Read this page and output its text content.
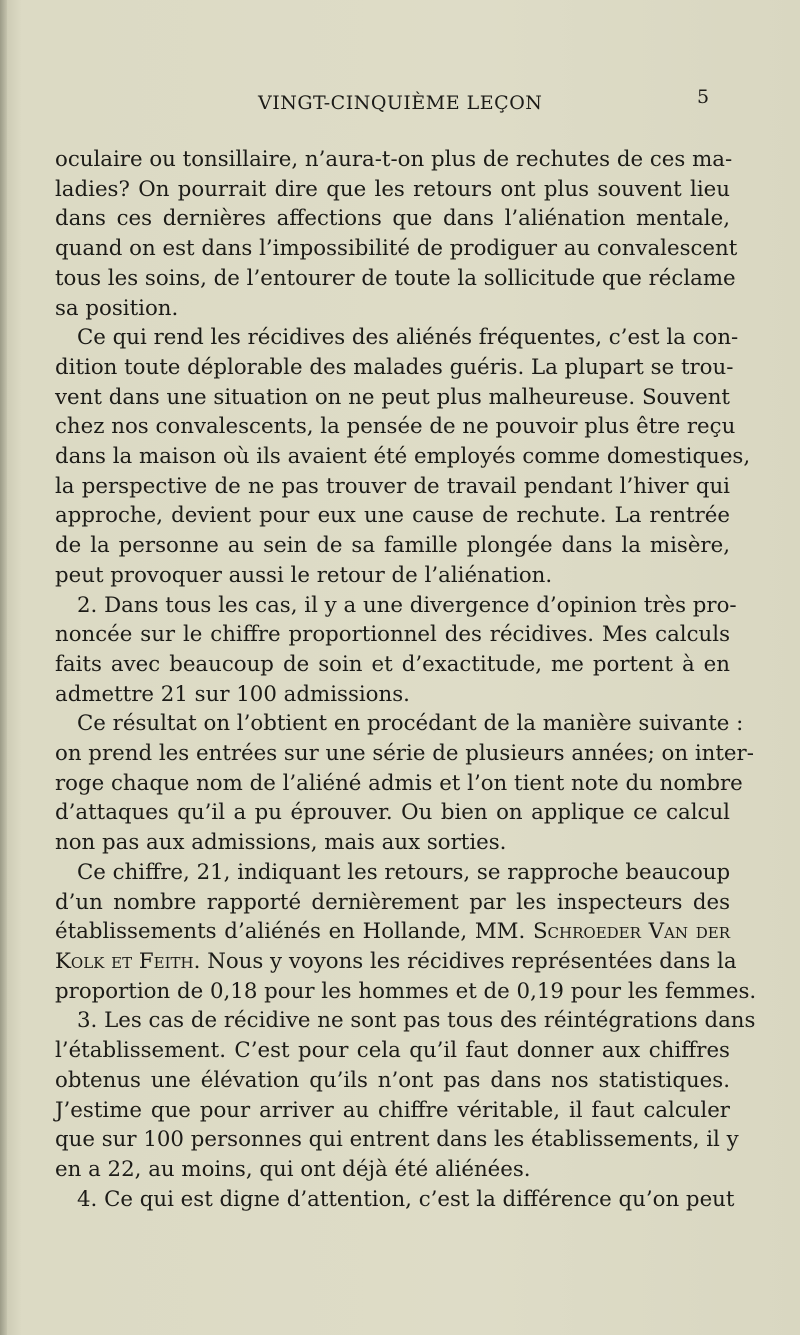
VINGT-CINQUIÈME LEÇON	5
oculaire ou tonsillaire, n’aura-t-on plus de rechutes de ces ma-
ladies? On pourrait dire que les retours ont plus souvent lieu
dans ces dernières affections que dans l’aliénation mentale,
quand on est dans l’impossibilité de prodiguer au convalescent
tous les soins, de l’entourer de toute la sollicitude que réclame
sa position.
Ce qui rend les récidives des aliénés fréquentes, c’est la con-
dition toute déplorable des malades guéris. La plupart se trou-
vent dans une situation on ne peut plus malheureuse. Souvent
chez nos convalescents, la pensée de ne pouvoir plus être reçu
dans la maison où ils avaient été employés comme domestiques,
la perspective de ne pas trouver de travail pendant l’hiver qui
approche, devient pour eux une cause de rechute. La rentrée
de la personne au sein de sa famille plongée dans la misère,
peut provoquer aussi le retour de l’aliénation.
2. Dans tous les cas, il y a une divergence d’opinion très pro-
noncée sur le chiffre proportionnel des récidives. Mes calculs
faits avec beaucoup de soin et d’exactitude, me portent à en
admettre 21 sur 100 admissions.
Ce résultat on l’obtient en procédant de la manière suivante :
on prend les entrées sur une série de plusieurs années; on inter-
roge chaque nom de l’aliéné admis et l’on tient note du nombre
d’attaques qu’il a pu éprouver. Ou bien on applique ce calcul
non pas aux admissions, mais aux sorties.
Ce chiffre, 21, indiquant les retours, se rapproche beaucoup
d’un nombre rapporté dernièrement par les inspecteurs des
établissements d’aliénés en Hollande, MM. Schroeder Van der
Kolk et Feith. Nous y voyons les récidives représentées dans la
proportion de 0,18 pour les hommes et de 0,19 pour les femmes.
3. Les cas de récidive ne sont pas tous des réintégrations dans
l’établissement. C’est pour cela qu’il faut donner aux chiffres
obtenus une élévation qu’ils n’ont pas dans nos statistiques.
J’estime que pour arriver au chiffre véritable, il faut calculer
que sur 100 personnes qui entrent dans les établissements, il y
en a 22, au moins, qui ont déjà été aliénées.
4. Ce qui est digne d’attention, c’est la différence qu’on peut
